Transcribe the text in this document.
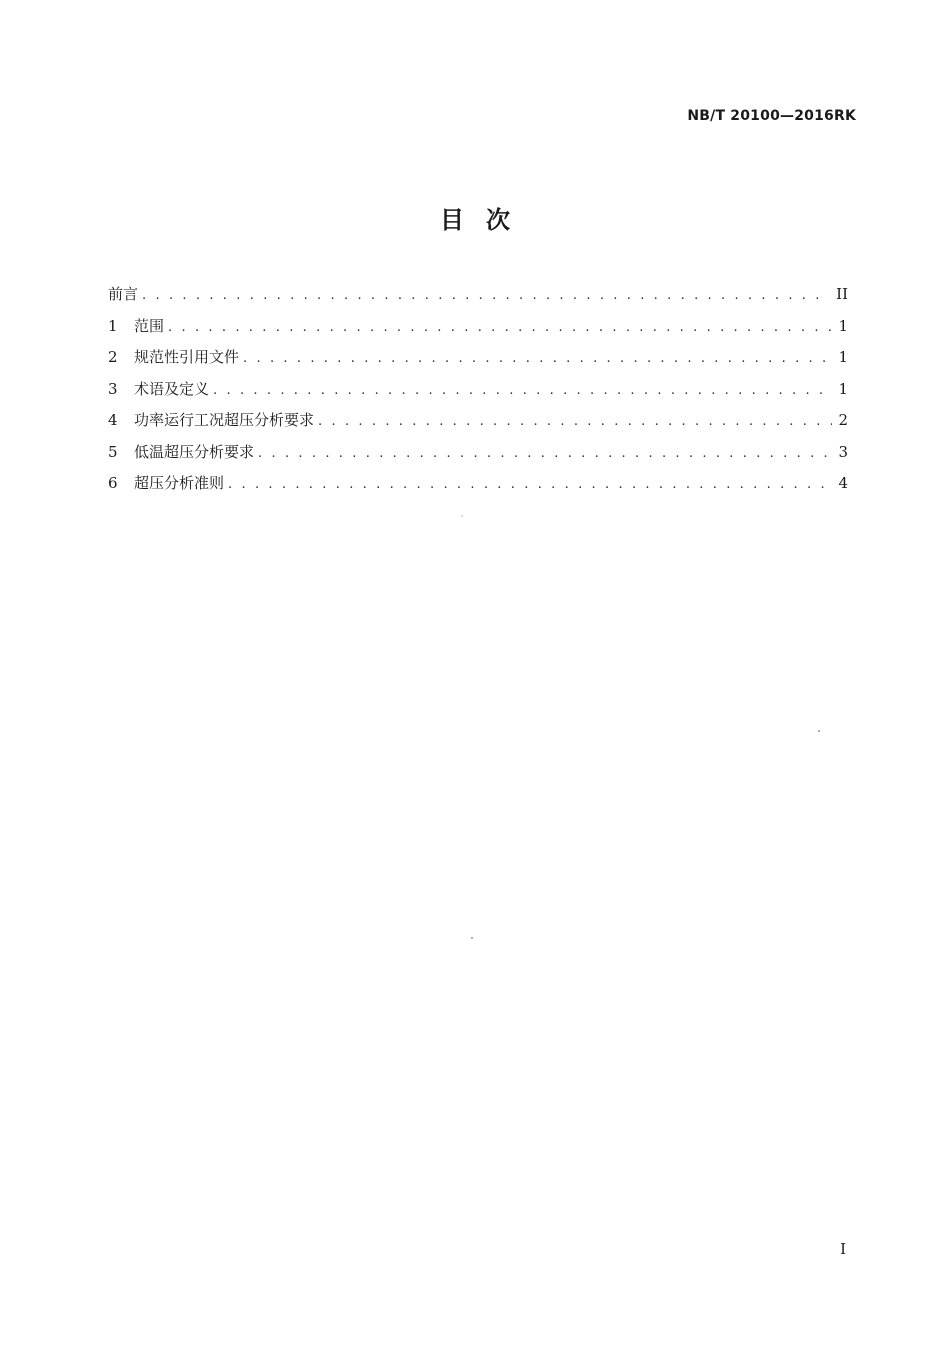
NB/T 20100—2016RK
目次
前言 . . .	II
1	范围 . . .	1
2	规范性引用文件 . . .	1
3	术语及定义 . . .	1
4	功率运行工况超压分析要求 . . .	2
5	低温超压分析要求 . . .	3
6	超压分析准则 . . .	4
I
